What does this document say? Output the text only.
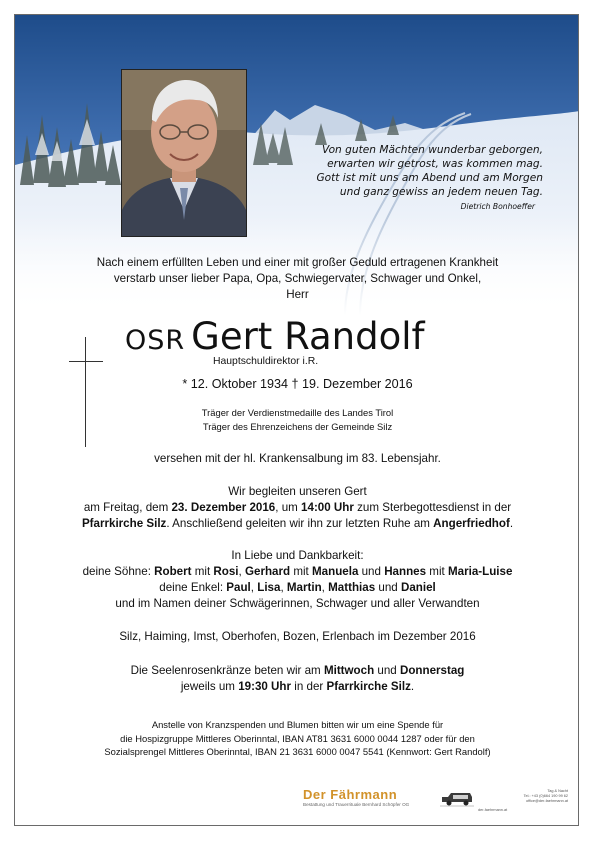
Von guten Mächten wunderbar geborgen,
erwarten wir getrost, was kommen mag.
Gott ist mit uns am Abend und am Morgen
und ganz gewiss an jedem neuen Tag.
Dietrich Bonhoeffer
Nach einem erfüllten Leben und einer mit großer Geduld ertragenen Krankheit
verstarb unser lieber Papa, Opa, Schwiegervater, Schwager und Onkel,
Herr
OSR Gert Randolf
Hauptschuldirektor i.R.
* 12. Oktober 1934 † 19. Dezember 2016
Träger der Verdienstmedaille des Landes Tirol
Träger des Ehrenzeichens der Gemeinde Silz
versehen mit der hl. Krankensalbung im 83. Lebensjahr.
Wir begleiten unseren Gert
am Freitag, dem 23. Dezember 2016, um 14:00 Uhr zum Sterbegottesdienst in der
Pfarrkirche Silz. Anschließend geleiten wir ihn zur letzten Ruhe am Angerfriedhof.
In Liebe und Dankbarkeit:
deine Söhne: Robert mit Rosi, Gerhard mit Manuela und Hannes mit Maria-Luise
deine Enkel: Paul, Lisa, Martin, Matthias und Daniel
und im Namen deiner Schwägerinnen, Schwager und aller Verwandten
Silz, Haiming, Imst, Oberhofen, Bozen, Erlenbach im Dezember 2016
Die Seelenrosenkränze beten wir am Mittwoch und Donnerstag
jeweils um 19:30 Uhr in der Pfarrkirche Silz.
Anstelle von Kranzspenden und Blumen bitten wir um eine Spende für
die Hospizgruppe Mittleres Oberinntal, IBAN AT81 3631 6000 0044 1287 oder für den
Sozialsprengel Mittleres Oberinntal, IBAN 21 3631 6000 0047 5541 (Kennwort: Gert Randolf)
Der Fährmann
Bestattung und Trauerrituale Bernhard Schöpfer OG
Tag & Nacht
Tel.: +43 (0)664 190 99 62
office@der-faehrmann.at
der-faehrmann.at
